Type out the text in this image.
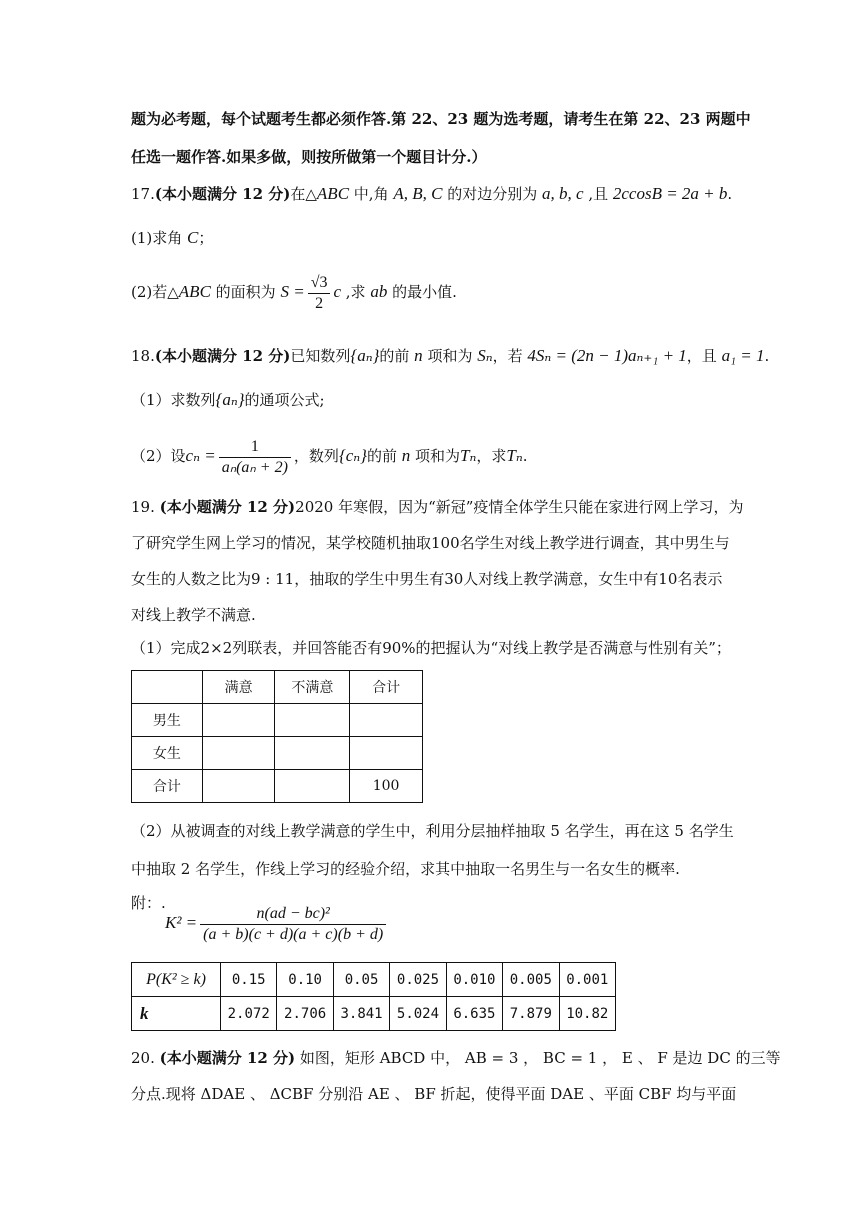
题为必考题，每个试题考生都必须作答.第 22、23 题为选考题，请考生在第 22、23 两题中
任选一题作答.如果多做，则按所做第一个题目计分.）
17.(本小题满分 12 分)在△ABC 中,角 A, B, C 的对边分别为 a, b, c ,且 2ccosB = 2a + b.
(1)求角 C；
(2)若△ABC 的面积为 $S = \frac{√3}{2}$ c ,求 ab 的最小值.
18.(本小题满分 12 分)已知数列{aₙ}的前 n 项和为 Sₙ，若 4Sₙ = (2n − 1)aₙ₊₁ + 1，且 a₁ = 1.
（1）求数列{aₙ}的通项公式;
（2）设$c_n = \frac{1}{\text{aₙ(aₙ + 2)}}$ ，数列{cₙ}的前 n 项和为Tₙ，求Tₙ.
19. (本小题满分 12 分)2020 年寒假，因为“新冠”疫情全体学生只能在家进行网上学习，为
了研究学生网上学习的情况，某学校随机抽取100名学生对线上教学进行调查，其中男生与
女生的人数之比为9 : 11，抽取的学生中男生有30人对线上教学满意，女生中有10名表示
对线上教学不满意.
（1）完成2×2列联表，并回答能否有90%的把握认为“对线上教学是否满意与性别有关”；
	满意	不满意	合计
男生			
女生			
合计			100
（2）从被调查的对线上教学满意的学生中，利用分层抽样抽取 5 名学生，再在这 5 名学生
中抽取 2 名学生，作线上学习的经验介绍，求其中抽取一名男生与一名女生的概率.
附：.
$K^2 = \frac{\text{n(ad − bc)²}}{(a + b)(c + d)(a + c)(b + d)}$
P(K² ≥ k)	0.15	0.10	0.05	0.025	0.010	0.005	0.001
k	2.072	2.706	3.841	5.024	6.635	7.879	10.82
20. (本小题满分 12 分) 如图，矩形 ABCD 中， AB = 3 ， BC = 1 ， E 、 F 是边 DC 的三等
分点.现将 ΔDAE 、 ΔCBF 分别沿 AE 、 BF 折起，使得平面 DAE 、平面 CBF 均与平面
